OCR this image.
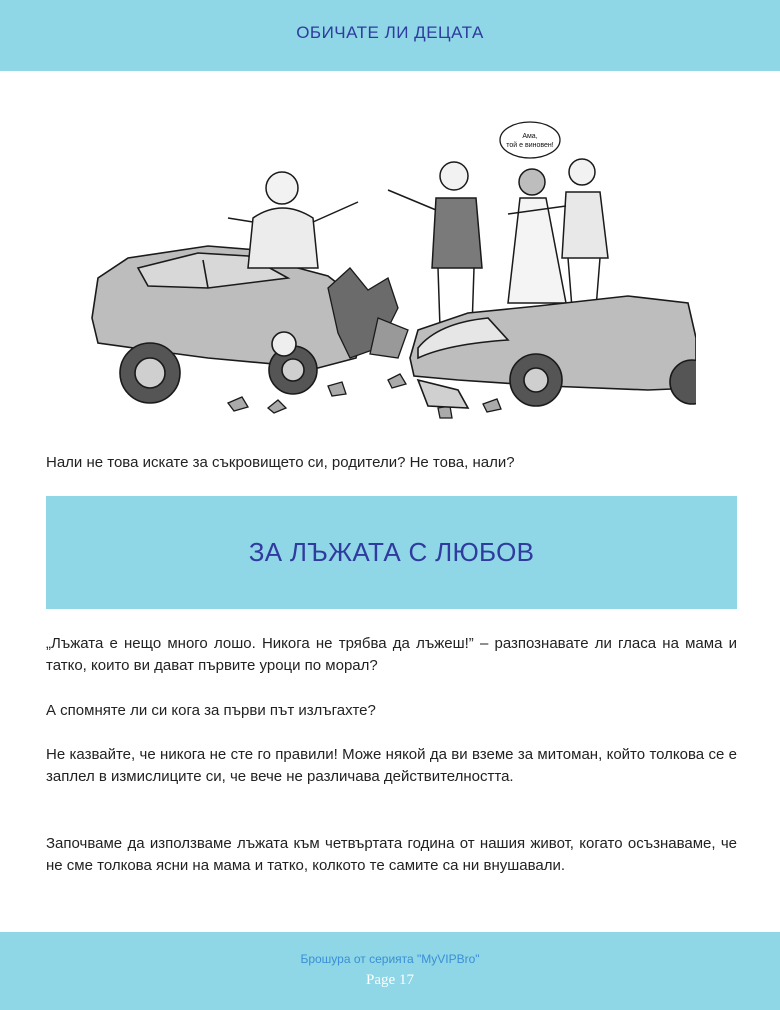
ОБИЧАТЕ ЛИ ДЕЦАТА
Ама,
той е виновен!
Нали не това искате за съкровището си, родители? Не това, нали?
ЗА ЛЪЖАТА С ЛЮБОВ
„Лъжата е нещо много лошо. Никога не трябва да лъжеш!” – разпознавате ли гласа на мама и татко, които ви дават първите уроци по морал?
А спомняте ли си кога за първи път излъгахте?
Не казвайте, че никога не сте го правили! Може някой да ви вземе за митоман, който толкова се е заплел в измислиците си, че вече не различава действителността.
Започваме да използваме лъжата към четвъртата година от нашия живот, когато осъзнаваме, че не сме толкова ясни на мама и татко, колкото те самите са ни внушавали.
Брошура от серията "MyVIPBro"
Page 17
